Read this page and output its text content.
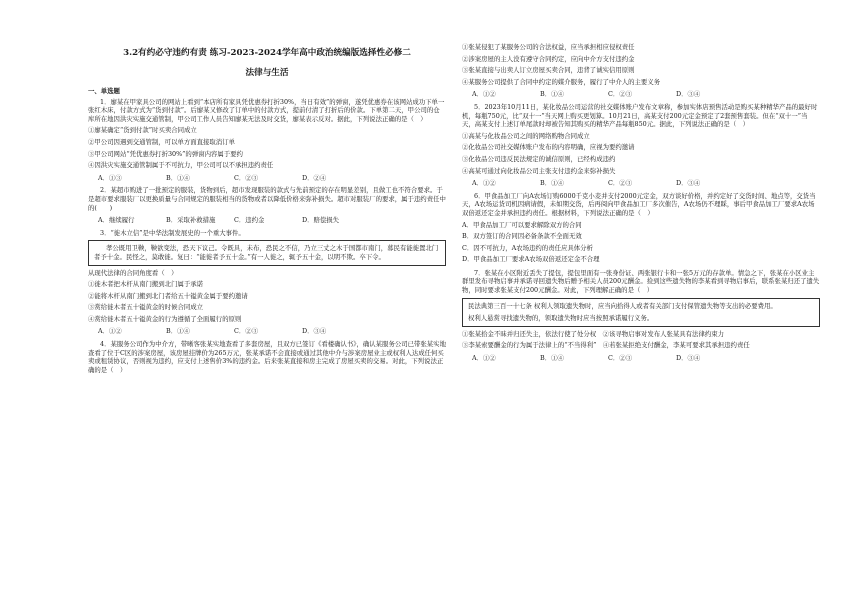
3.2有约必守违约有责 练习-2023-2024学年高中政治统编版选择性必修二
法律与生活
一、单选题

1．廖某在甲家具公司的网站上看到“本店所有家具凭优惠券打折30%，当日有效”的弹窗，遂凭优惠券在该网站成功下单一张红木床，付款方式为“货到付款”。后廖某又修改了订单中的付款方式，提前付清了打折后的价款。下单第二天，甲公司的仓库所在地因洪灾实施交通管制，甲公司工作人员告知廖某无法及时交货，廖某表示反对。据此，下列说法正确的是（　）

①廖某确定“货到付款”时买卖合同成立

②甲公司因遇到交通管制，可以单方面直接取消订单

③甲公司网站“凭优惠券打折30%”的弹窗内容属于要约

④因洪灾实施交通管制属于不可抗力，甲公司可以不承担违约责任

A．①③	B．①④	C．②③	D．②④

2．某超市购进了一批预定的服装，货物到后，超市发现服装的款式与先前预定的存在明显差别，且做工也不符合要求。于是超市要求服装厂以更换质量与合同规定的服装相当的货物或者以降低价格来弥补损失。超市对服装厂的要求，属于违约责任中的(　　)

A．继续履行	B．采取补救措施	C．违约金	D．赔偿损失

3．“徙木立信”是中华法制发展史的一个重大事件。

孝公既用卫鞅，鞅欲变法，恐天下议己。令既具，未布，恐民之不信，乃立三丈之木于国都市南门，募民有能徙置北门者予十金。民怪之，莫敢徙。复曰：“能徙者予五十金。”有一人徙之，辄予五十金，以明不欺。卒下令。

从现代法律的合同角度看（　）

①徙木者把木杆从南门搬到北门属于承诺

②能将木杆从南门搬到北门者给五十镒黄金属于要约邀请

③赏给徙木者五十镒黄金的时候合同成立

④赏给徙木者五十镒黄金的行为遵循了全面履行的原则

A．①②	B．①④	C．②③	D．③④

4．某服务公司作为中介方，带晰客张某实地查看了多套房屋，且双方已签订《看楼确认书》，确认某服务公司已带张某实地查看了位于C区的涉案房屋，该房屋挂牌价为265万元，张某承诺不会直接或通过其他中介与涉案房屋业主或权利人达成任何买卖或租赁协议，否则视为违约，应支付上述售价3%的违约金。后来张某直接和房主完成了房屋买卖的交易。对此，下列说法正确的是（　）

①张某侵犯了某服务公司的合法权益，应当承担相应侵权责任

②涉案房屋的主人没有遵守合同约定，应向中介方支付违约金

③张某直接与出卖人订立房屋买卖合同，违背了诚实信用原则

④某服务公司提供了合同中约定的媒介服务，履行了中介人的主要义务

A．①②	B．①④	C．②③	D．③④

5．2023年10月11日，某化妆品公司运营的社交媒体账户发布文章称，参加实体店预售活动是购买某种精华产品的最好时机，每瓶750元，比“双十一”当天网上购买更划算。10月21日，高某支付200元定金预定了2套预售套装。但在“双十一”当天，高某支付上述订单尾款时却被告知其购买的精华产品每瓶850元。据此，下列说法正确的是（　）

①高某与化妆品公司之间的网络购物合同成立

②化妆品公司社交媒体账户发布的内容明确，应视为要约邀请

③化妆品公司违反民法规定的诚信原则，已经构成违约

④高某可通过向化妆品公司主张支付违约金来弥补损失

A．①②	B．①④	C．②③	D．③④

6．甲食品加工厂向A农场订购6000千克小麦并支付2000元定金，双方谈好价格，并约定好了交货时间、地点等，交货当天，A农场运货司机因病请假，未如期交货，后再阅向甲食品加工厂多次催告，A农场仍不理睬，事后甲食品加工厂要求A农场双倍返还定金并承担违约责任。根据材料，下列说法正确的是（　）

A．甲食品加工厂可以要求解除双方的合同

B．双方签订的合同因必备条款不全面无效

C．因不可抗力，A农场违约的责任应具体分析

D．甲食品加工厂要求A农场双倍返还定金不合理

7．张某在小区附近丢失了提包，提包里面有一张身份证、两张银行卡和一张5万元的存款单。情急之下，张某在小区业主群里发布寻物启事并承诺寻回遗失物后赠予相关人员200元酬金。捡到这些遗失物的李某看到寻物启事后，联系张某归还了遗失物，同时要求张某支付200元酬金。对此，下列理解正确的是（　）

民法典第三百一十七条 权利人领取遗失物时，应当向拾得人或者有关部门支付保管遗失物等支出的必要费用。

权利人悬赏寻找遗失物的，领取遗失物时应当按照承诺履行义务。

①张某拾金不昧并归还失主，依法行使了处分权　②该寻物启事对发布人张某具有法律约束力

③李某索要酬金的行为属于法律上的“不当得利”　④若张某拒绝支付酬金，李某可要求其承担违约责任

A．①②	B．①④	C．②③	D．③④
